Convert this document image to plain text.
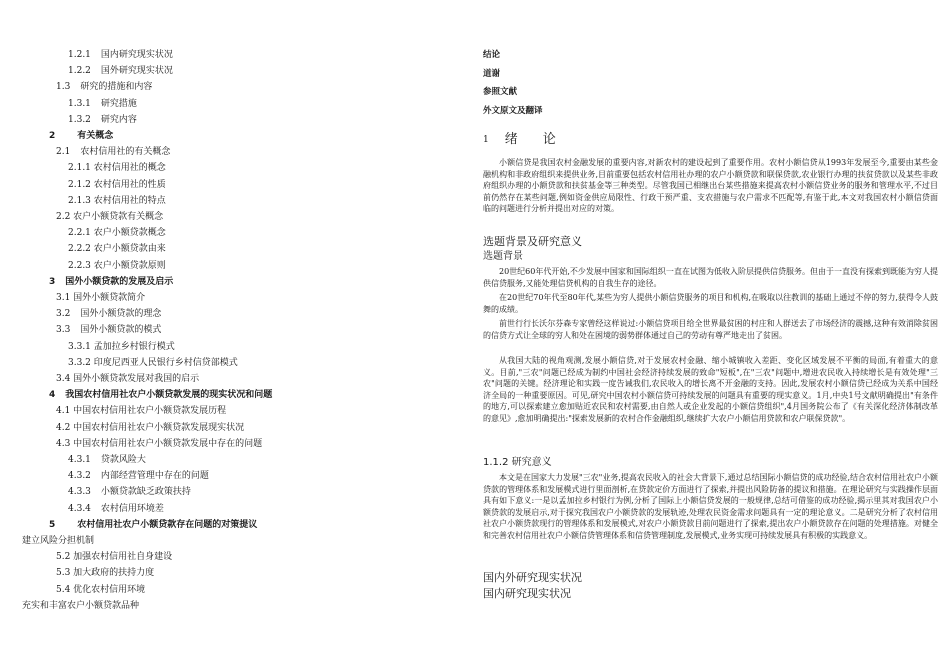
1.2.1 国内研究现实状况
1.2.2 国外研究现实状况
1.3 研究的措施和内容
1.3.1 研究措施
1.3.2 研究内容
2 有关概念
2.1 农村信用社的有关概念
2.1.1 农村信用社的概念
2.1.2 农村信用社的性质
2.1.3 农村信用社的特点
2.2 农户小额贷款有关概念
2.2.1 农户小额贷款概念
2.2.2 农户小额贷款由来
2.2.3 农户小额贷款原则
3 国外小额贷款的发展及启示
3.1 国外小额贷款简介
3.2 国外小额贷款的理念
3.3 国外小额贷款的模式
3.3.1 孟加拉乡村银行模式
3.3.2 印度尼西亚人民银行乡村信贷部模式
3.4 国外小额贷款发展对我国的启示
4 我国农村信用社农户小额贷款发展的现实状况和问题
4.1 中国农村信用社农户小额贷款发展历程
4.2 中国农村信用社农户小额贷款发展现实状况
4.3 中国农村信用社农户小额贷款发展中存在的问题
4.3.1 贷款风险大
4.3.2 内部经营管理中存在的问题
4.3.3 小额贷款缺乏政策扶持
4.3.4 农村信用环境差
5 农村信用社农户小额贷款存在问题的对策提议
建立风险分担机制
5.2 加强农村信用社自身建设
5.3 加大政府的扶持力度
5.4 优化农村信用环境
充实和丰富农户小额贷款品种
结论
道谢
参照文献
外文原文及翻译
1 绪　论

小额信贷是我国农村金融发展的重要内容,对新农村的建设起到了重要作用。农村小额信贷从1993年发展至今,重要由某些金融机构和非政府组织来提供业务,目前重要包括农村信用社办理的农户小额贷款和联保贷款,农业银行办理的扶贫贷款以及某些非政府组织办理的小额贷款和扶贫基金等三种类型。尽管我国已相继出台某些措施来提高农村小额信贷业务的服务和管理水平,不过目前仍然存在某些问题,例如资金供应局限性、行政干预严重、支农措施与农户需求不匹配等,有鉴于此,本文对我国农村小额信贷面临的问题进行分析并提出对应的对策。

选题背景及研究意义
选题背景

20世纪60年代开始,不少发展中国家和国际组织一直在试图为低收入阶层提供信贷服务。但由于一直没有探索到既能为穷人提供信贷服务,又能处理信贷机构的自我生存的途径。

在20世纪70年代至80年代,某些为穷人提供小额信贷服务的项目和机构,在吸取以往教训的基础上通过不停的努力,获得令人鼓舞的成绩。

前世行行长沃尔芬森专家曾经这样说过:小额信贷项目给全世界最贫困的村庄和人群送去了市场经济的震撼,这种有效消除贫困的信贷方式让全球的穷人和处在困境的弱势群体通过自己的劳动有尊严地走出了贫困。

从我国大陆的视角观测,发展小额信贷,对于发展农村金融、缩小城镇收入差距、变化区域发展不平衡的局面,有着重大的意义。目前,"三农"问题已经成为制约中国社会经济持续发展的致命"短板",在"三农"问题中,增进农民收入持续增长是有效处理"三农"问题的关键。经济理论和实践一度告诫我们,农民收入的增长离不开金融的支持。因此,发展农村小额信贷已经成为关系中国经济全局的一种重要原因。可见,研究中国农村小额信贷可持续发展的问题具有重要的现实意义。1月,中央1号文献明确提出"有条件的地方,可以探索建立愈加贴近农民和农村需要,由自然人或企业发起的小额信贷组织",4月国务院公布了《有关深化经济体制改革的意见》,愈加明确提出:"探索发展新的农村合作金融组织,继续扩大农户小额信用贷款和农户联保贷款"。

1.1.2 研究意义

本文是在国家大力发展"三农"业务,提高农民收入的社会大背景下,通过总结国际小额信贷的成功经验,结合农村信用社农户小额贷款的管理体系和发展模式进行里面剖析,在贷款定价方面进行了探索,并提出风险防备的提议和措施。在理论研究与实践操作层面具有如下意义:一是以孟加拉乡村银行为例,分析了国际上小额信贷发展的一般规律,总结可借鉴的成功经验,揭示里其对我国农户小额贷款的发展启示,对于探究我国农户小额贷款的发展轨迹,处理农民资金需求问题具有一定的理论意义。二是研究分析了农村信用社农户小额贷款现行的管理体系和发展模式,对农户小额贷款目前问题进行了探索,提出农户小额贷款存在问题的处理措施。对健全和完善农村信用社农户小额信贷管理体系和信贷管理制度,发展模式,业务实现可持续发展具有积极的实践意义。

国内外研究现实状况
国内研究现实状况
